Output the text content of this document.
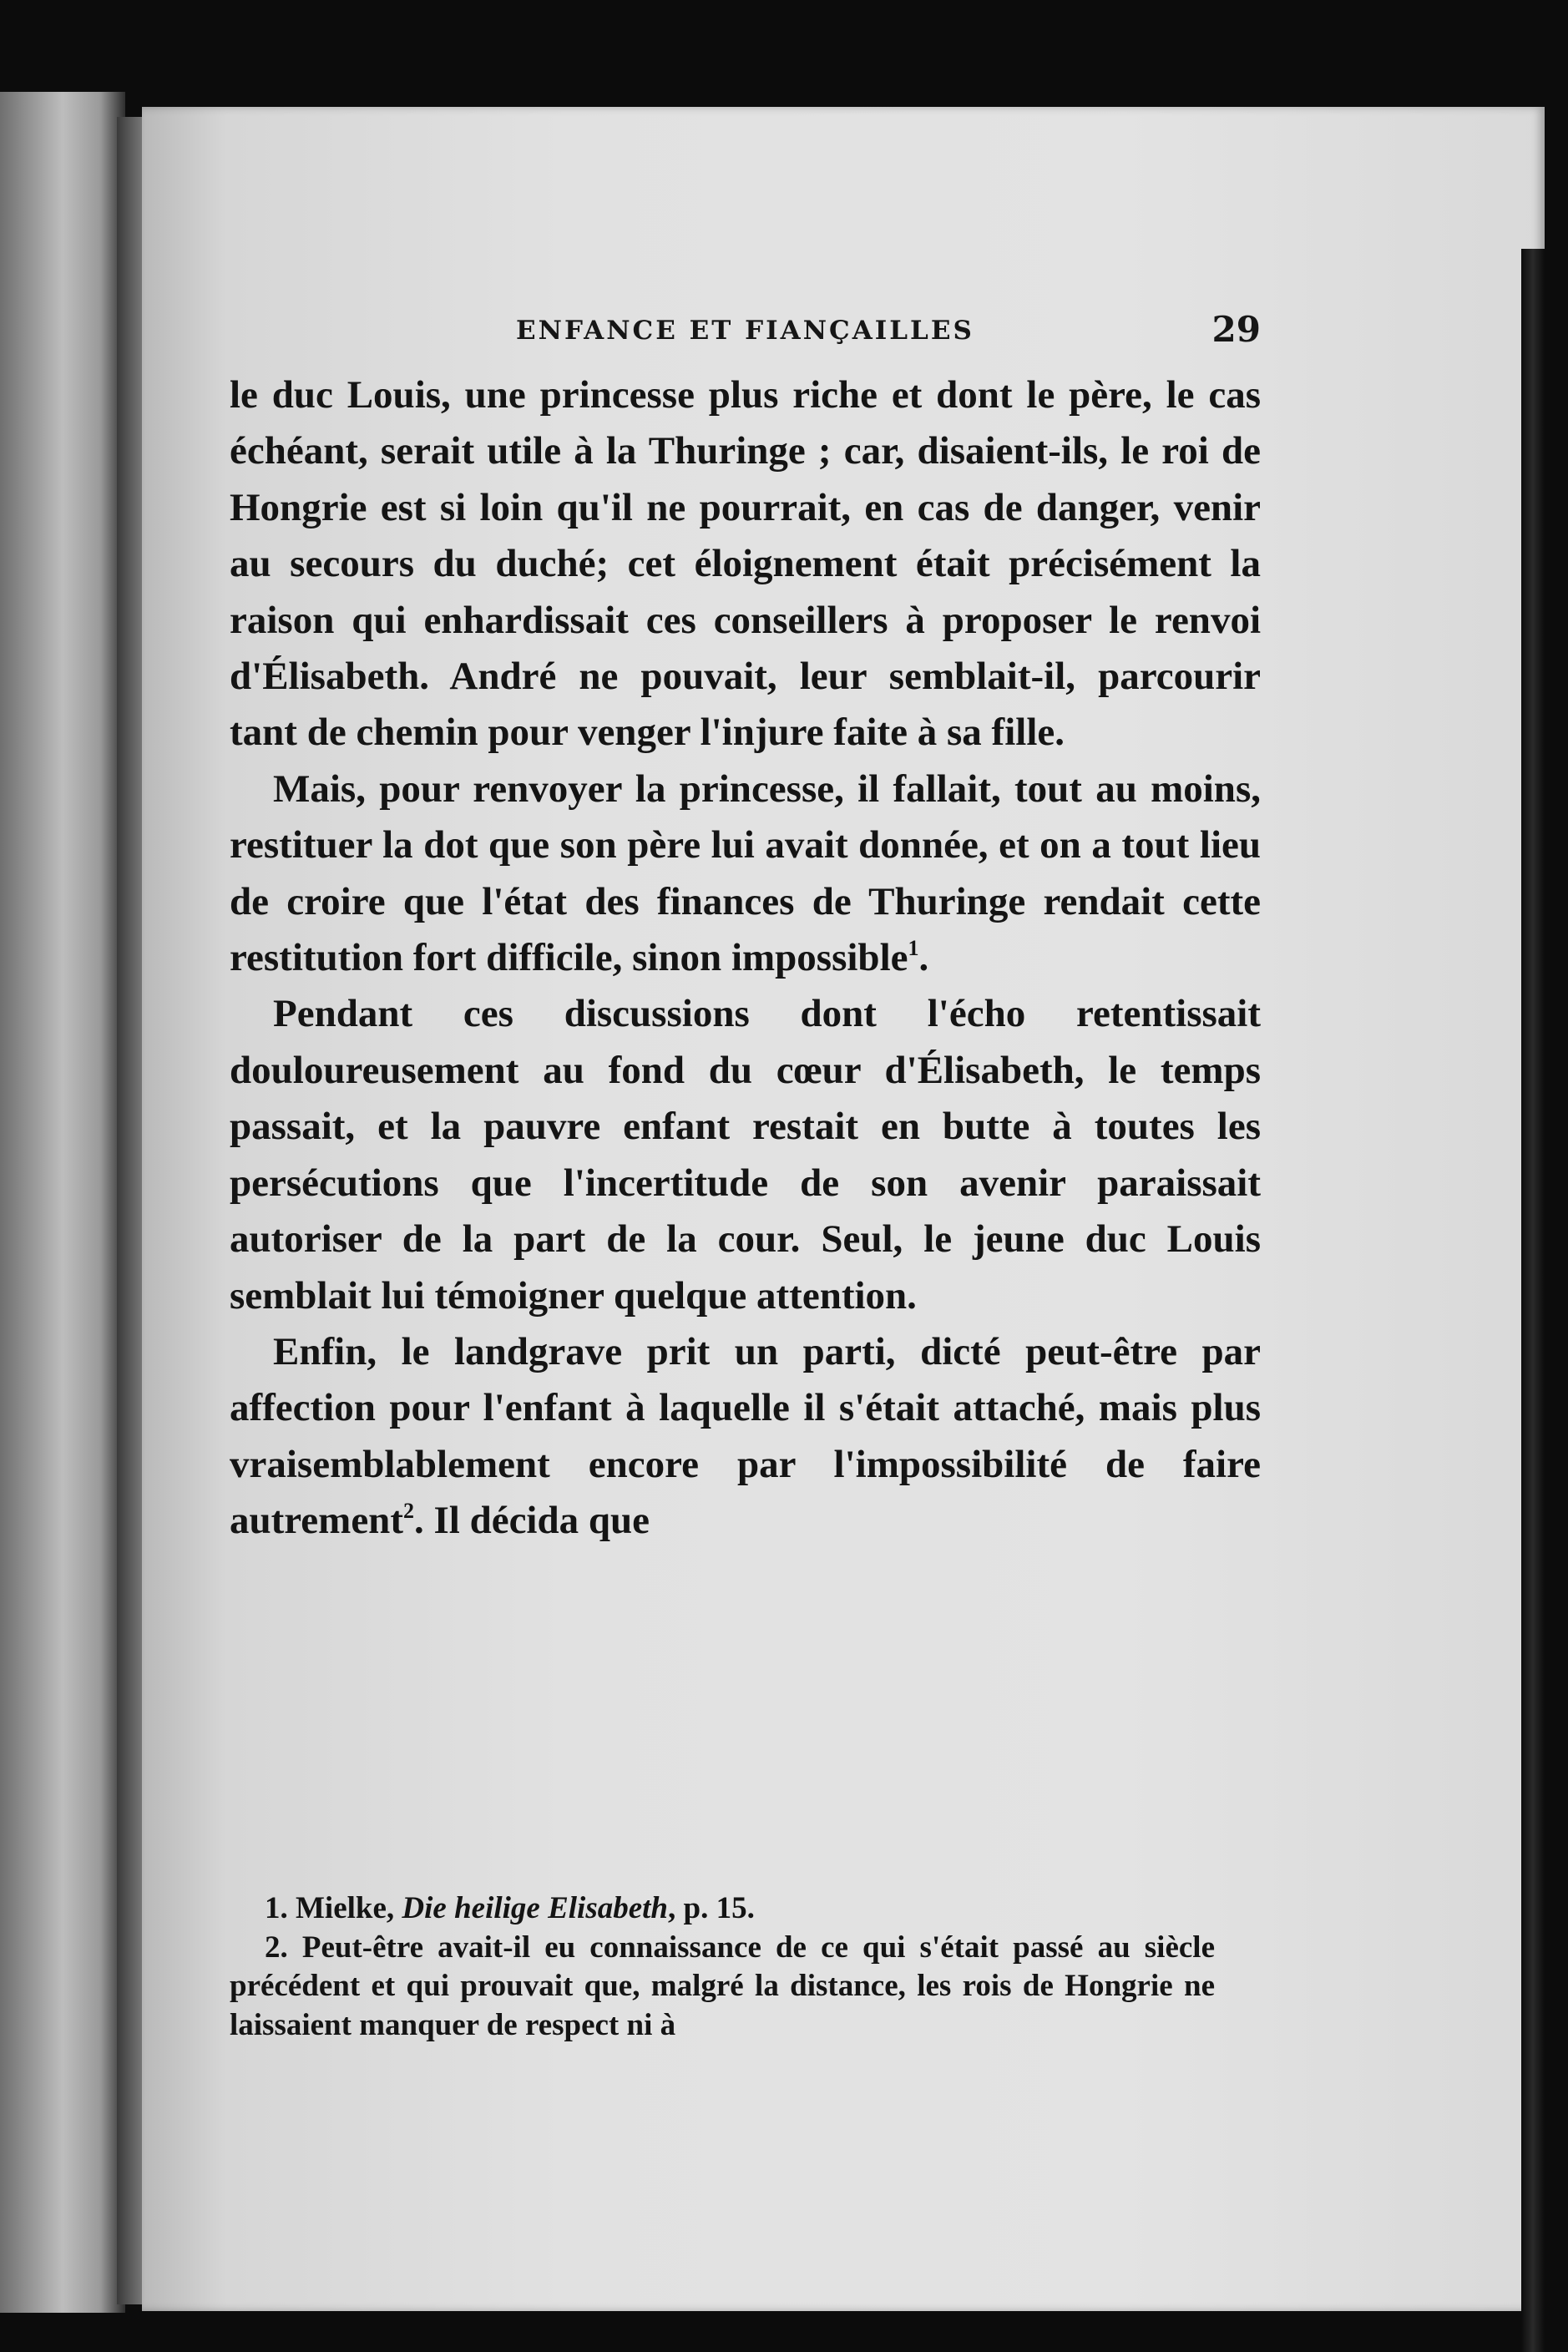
ENFANCE ET FIANÇAILLES	29

le duc Louis, une princesse plus riche et dont le père, le cas échéant, serait utile à la Thuringe ; car, disaient-ils, le roi de Hongrie est si loin qu'il ne pourrait, en cas de danger, venir au secours du duché; cet éloignement était précisément la raison qui enhardissait ces conseillers à proposer le renvoi d'Élisabeth. André ne pouvait, leur semblait-il, parcourir tant de chemin pour venger l'injure faite à sa fille.

Mais, pour renvoyer la princesse, il fallait, tout au moins, restituer la dot que son père lui avait donnée, et on a tout lieu de croire que l'état des finances de Thuringe rendait cette restitution fort difficile, sinon impossible$^1$.

Pendant ces discussions dont l'écho retentissait douloureusement au fond du cœur d'Élisabeth, le temps passait, et la pauvre enfant restait en butte à toutes les persécutions que l'incertitude de son avenir paraissait autoriser de la part de la cour. Seul, le jeune duc Louis semblait lui témoigner quelque attention.

Enfin, le landgrave prit un parti, dicté peut-être par affection pour l'enfant à laquelle il s'était attaché, mais plus vraisemblablement encore par l'impossibilité de faire autrement$^2$. Il décida que

1. Mielke, Die heilige Elisabeth, p. 15.

2. Peut-être avait-il eu connaissance de ce qui s'était passé au siècle précédent et qui prouvait que, malgré la distance, les rois de Hongrie ne laissaient manquer de respect ni à
